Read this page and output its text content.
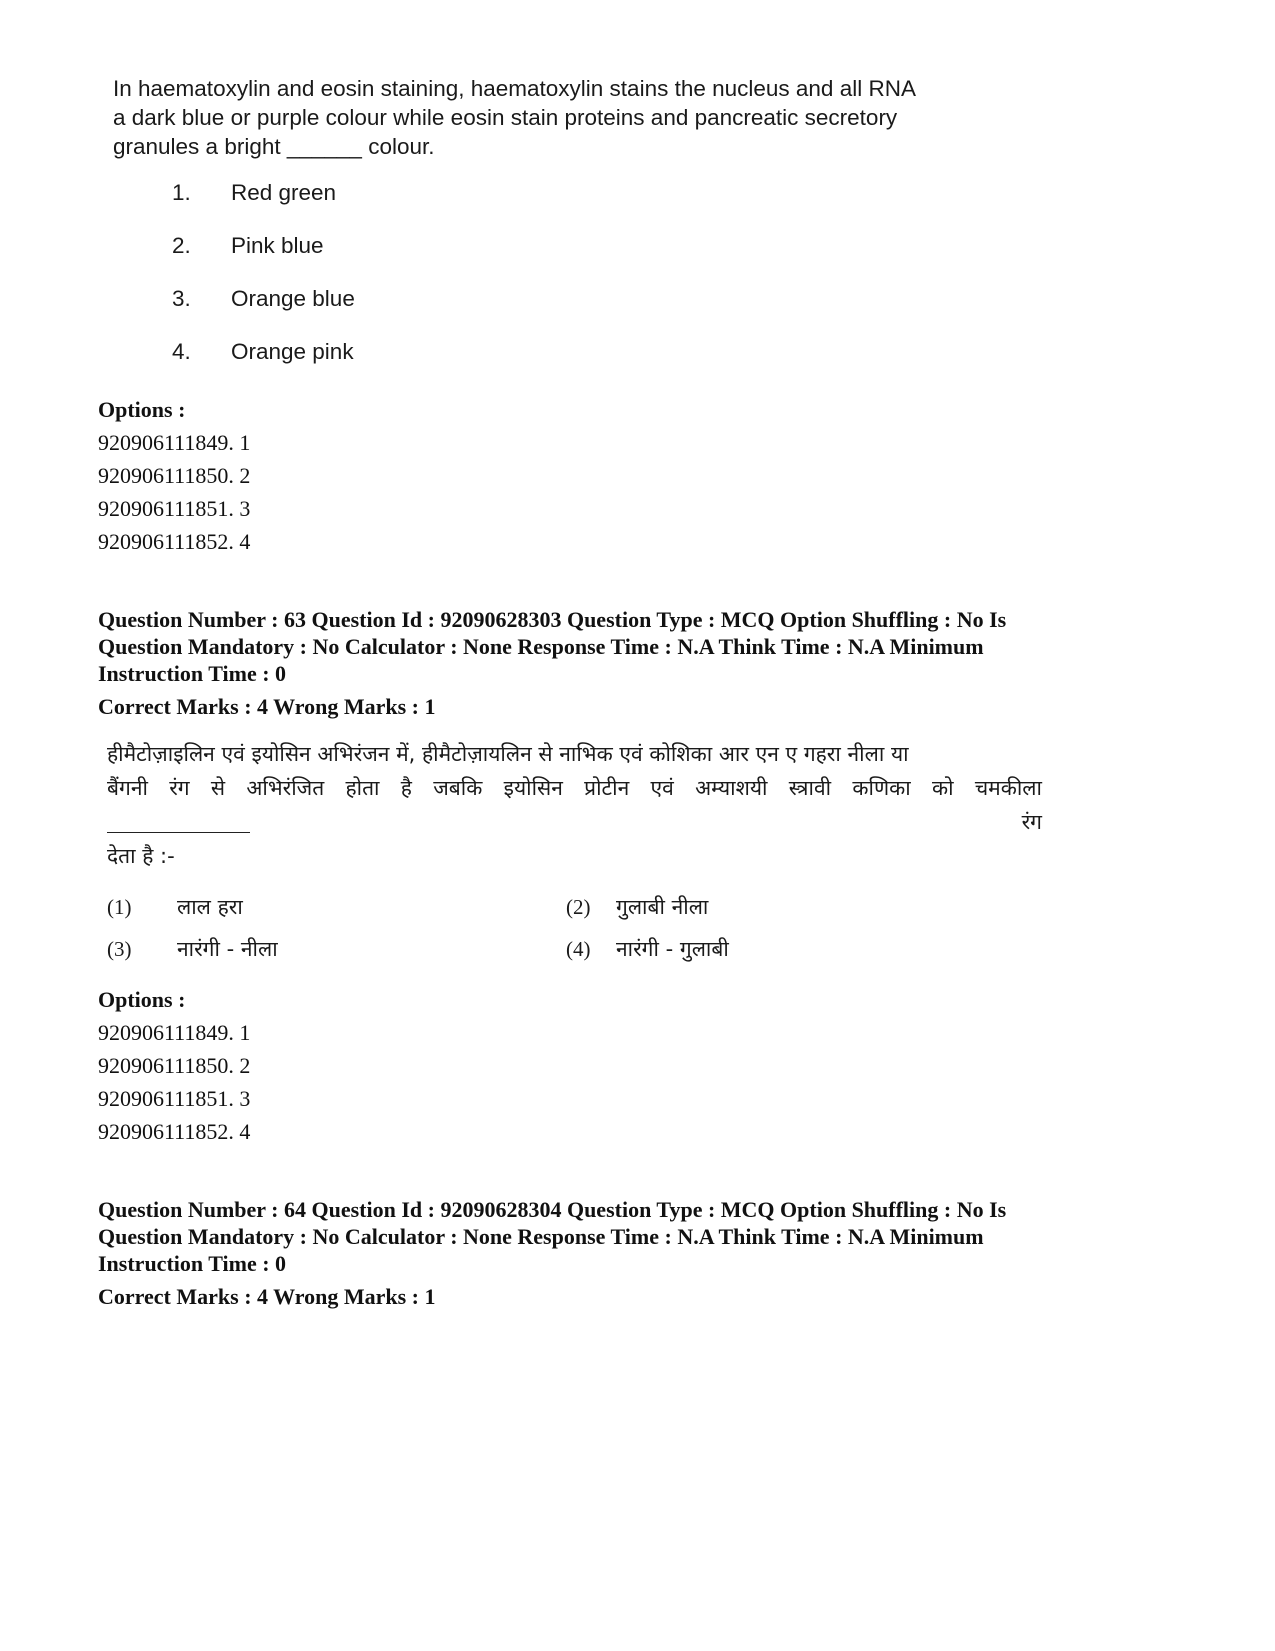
In haematoxylin and eosin staining, haematoxylin stains the nucleus and all RNA
a dark blue or purple colour while eosin stain proteins and pancreatic secretory
granules a bright ______ colour.
1.	Red green
2.	Pink blue
3.	Orange blue
4.	Orange pink
Options :
920906111849. 1
920906111850. 2
920906111851. 3
920906111852. 4
Question Number : 63 Question Id : 92090628303 Question Type : MCQ Option Shuffling : No Is
Question Mandatory : No Calculator : None Response Time : N.A Think Time : N.A Minimum
Instruction Time : 0
Correct Marks : 4 Wrong Marks : 1
हीमैटोज़ाइलिन एवं इयोसिन अभिरंजन में, हीमैटोज़ायलिन से नाभिक एवं कोशिका आर एन ए गहरा नीला या
बैंगनी रंग से अभिरंजित होता है जबकि इयोसिन प्रोटीन एवं अम्याशयी स्त्रावी कणिका को चमकीला
रंग
देता है :-
(1) लाल हरा	(2) गुलाबी नीला
(3) नारंगी - नीला	(4) नारंगी - गुलाबी
Options :
920906111849. 1
920906111850. 2
920906111851. 3
920906111852. 4
Question Number : 64 Question Id : 92090628304 Question Type : MCQ Option Shuffling : No Is
Question Mandatory : No Calculator : None Response Time : N.A Think Time : N.A Minimum
Instruction Time : 0
Correct Marks : 4 Wrong Marks : 1
